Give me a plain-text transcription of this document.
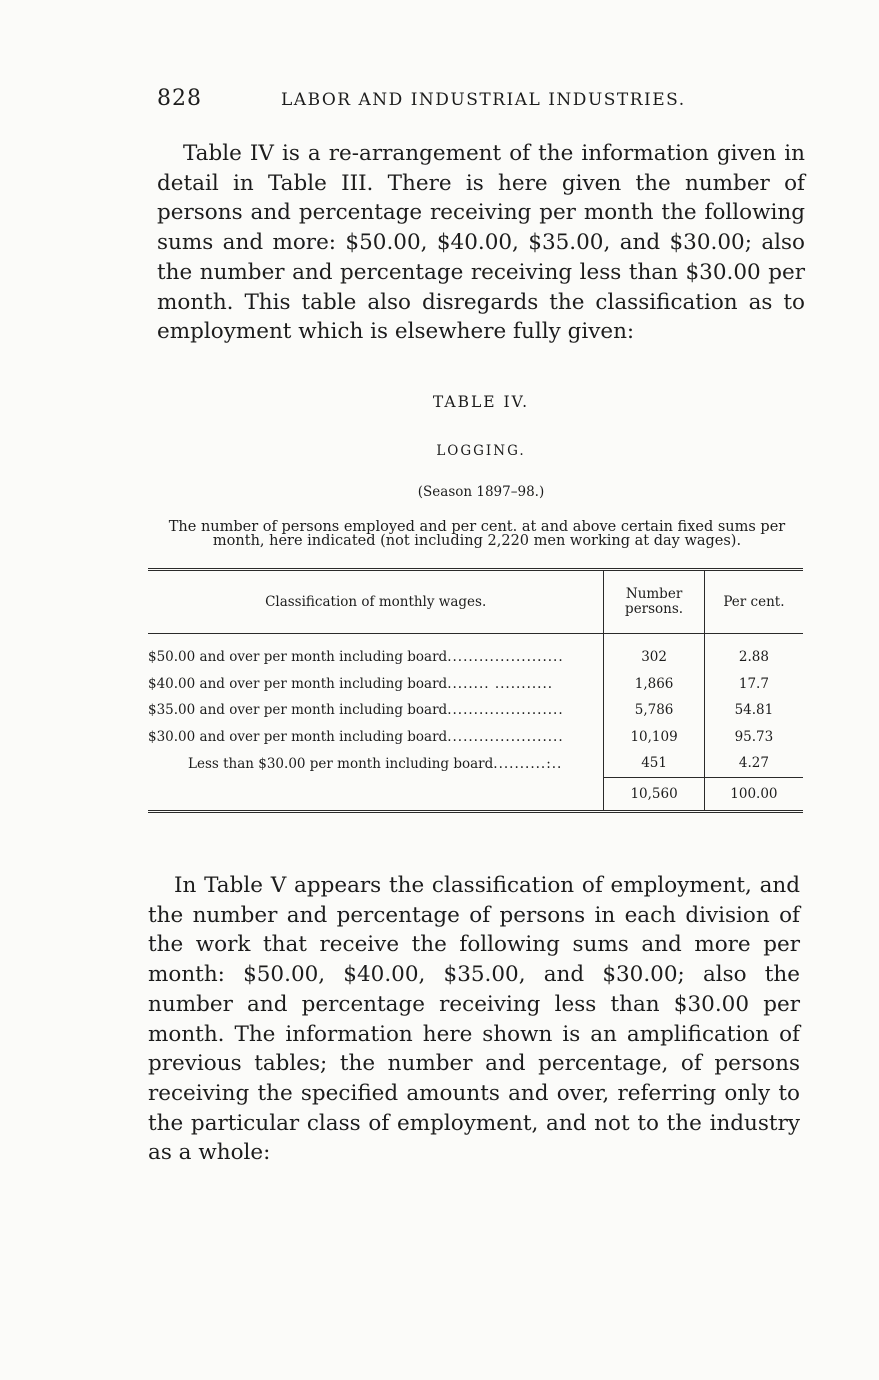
828	LABOR AND INDUSTRIAL INDUSTRIES.

Table IV is a re-arrangement of the information given in detail in Table III. There is here given the number of persons and percentage receiving per month the following sums and more: $50.00, $40.00, $35.00, and $30.00; also the number and percentage receiving less than $30.00 per month. This table also disregards the classification as to employment which is elsewhere fully given:

TABLE IV.

LOGGING.

(Season 1897–98.)

The number of persons employed and per cent. at and above certain fixed sums per month, here indicated (not including 2,220 men working at day wages).

Classification of monthly wages.	Number persons.	Per cent.
$50.00 and over per month including board......................	302	2.88
$40.00 and over per month including board........ ...........	1,866	17.7
$35.00 and over per month including board......................	5,786	54.81
$30.00 and over per month including board......................	10,109	95.73
Less than $30.00 per month including board..........:..	451	4.27
	10,560	100.00

In Table V appears the classification of employment, and the number and percentage of persons in each division of the work that receive the following sums and more per month: $50.00, $40.00, $35.00, and $30.00; also the number and percentage receiving less than $30.00 per month. The information here shown is an amplification of previous tables; the number and percentage, of persons receiving the specified amounts and over, referring only to the particular class of employment, and not to the industry as a whole:
